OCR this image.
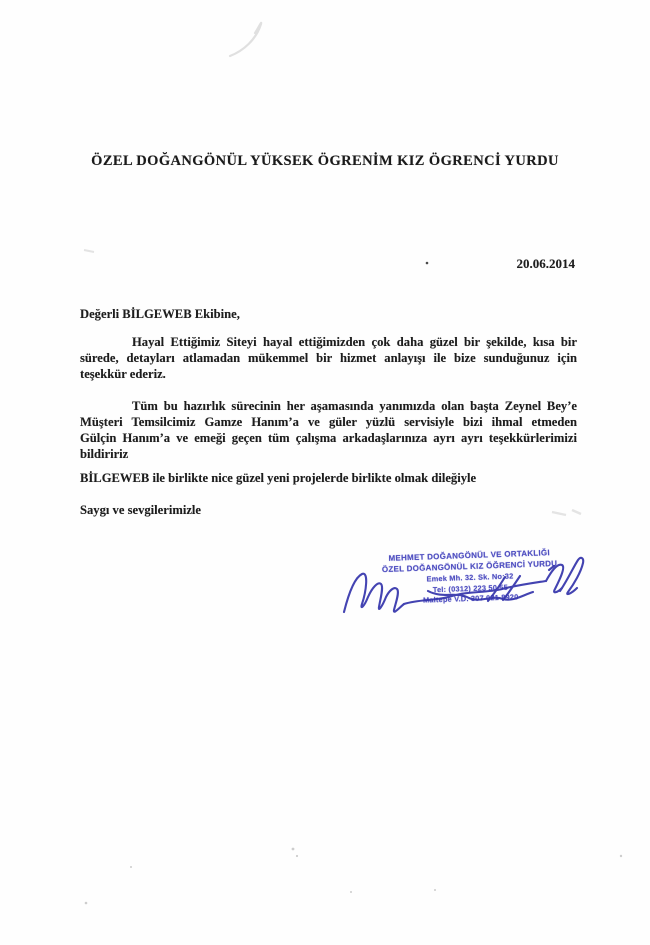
ÖZEL DOĞANGÖNÜL YÜKSEK ÖGRENİM KIZ ÖGRENCİ YURDU
20.06.2014
Değerli BİLGEWEB Ekibine,
Hayal Ettiğimiz Siteyi hayal ettiğimizden çok daha güzel bir şekilde, kısa bir
sürede, detayları atlamadan mükemmel bir hizmet anlayışı ile bize sunduğunuz için
teşekkür ederiz.
Tüm bu hazırlık sürecinin her aşamasında yanımızda olan başta Zeynel Bey’e
Müşteri Temsilcimiz Gamze Hanım’a ve güler yüzlü servisiyle bizi ihmal etmeden
Gülçin Hanım’a ve emeği geçen tüm çalışma arkadaşlarınıza ayrı ayrı teşekkürlerimizi
bildiririz
BİLGEWEB ile birlikte nice güzel yeni projelerde birlikte olmak dileğiyle
Saygı ve sevgilerimizle
MEHMET DOĞANGÖNÜL VE ORTAKLIĞI
ÖZEL DOĞANGÖNÜL KIZ ÖĞRENCİ YURDU
Emek Mh. 32. Sk. No:32
Tel: (0312) 223 50 55
Maltepe V.D. 307 021 8920
